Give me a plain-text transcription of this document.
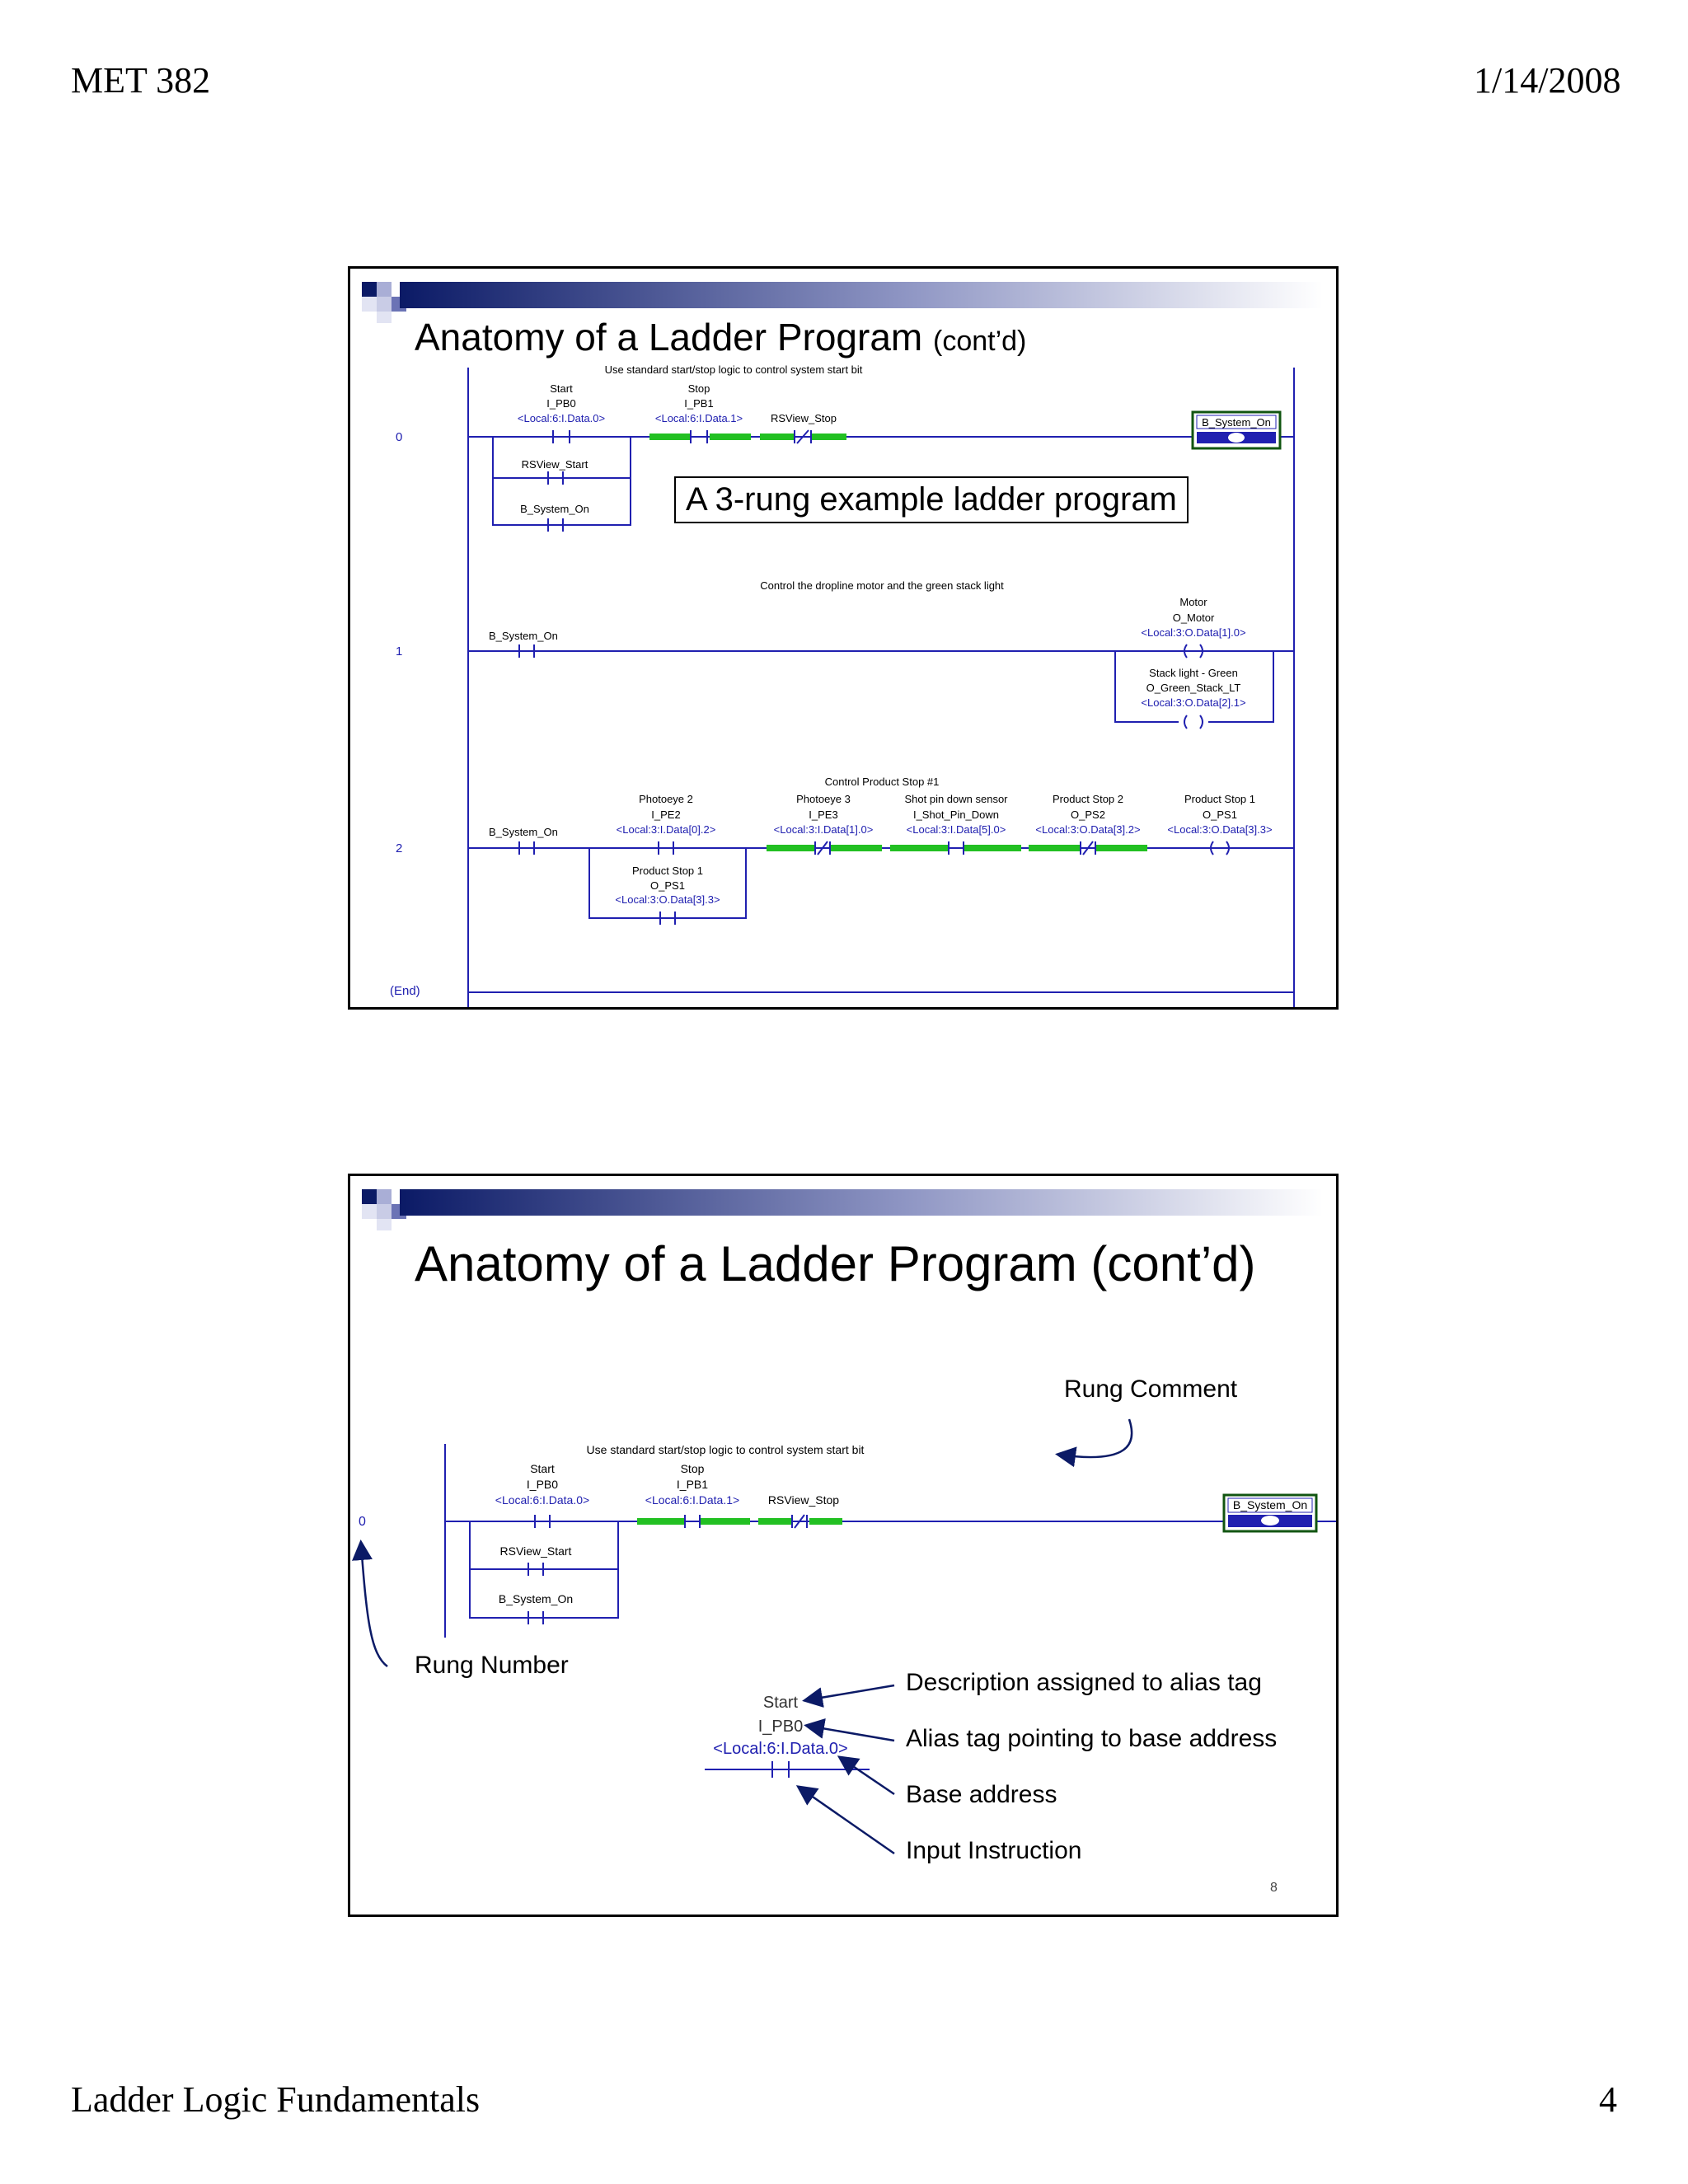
MET 382	1/14/2008
Ladder Logic Fundamentals	4
Anatomy of a Ladder Program (cont’d)
0
1
2
(End)
Use standard start/stop logic to control system start bit
Start
I_PB0
<Local:6:I.Data.0>
Stop
I_PB1
<Local:6:I.Data.1>	RSView_Stop
RSView_Start
B_System_On
B_System_On
Control the dropline motor and the green stack light
B_System_On
Motor
O_Motor
<Local:3:O.Data[1].0>
Stack light - Green
O_Green_Stack_LT
<Local:3:O.Data[2].1>
Control Product Stop #1
B_System_On
Photoeye 2
I_PE2
<Local:3:I.Data[0].2>
Product Stop 1
O_PS1
<Local:3:O.Data[3].3>
Photoeye 3
I_PE3
<Local:3:I.Data[1].0>
Shot pin down sensor
I_Shot_Pin_Down
<Local:3:I.Data[5].0>
Product Stop 2
O_PS2
<Local:3:O.Data[3].2>
Product Stop 1
O_PS1
<Local:3:O.Data[3].3>
A 3-rung example ladder program
Anatomy of a Ladder Program (cont’d)
0
Use standard start/stop logic to control system start bit
Start
I_PB0
<Local:6:I.Data.0>
Stop
I_PB1
<Local:6:I.Data.1> RSView_Stop
RSView_Start
B_System_On
B_System_On
Start
I_PB0
<Local:6:I.Data.0>
Rung Comment
Rung Number
Description assigned to alias tag
Alias tag pointing to base address
Base address
Input Instruction
8
